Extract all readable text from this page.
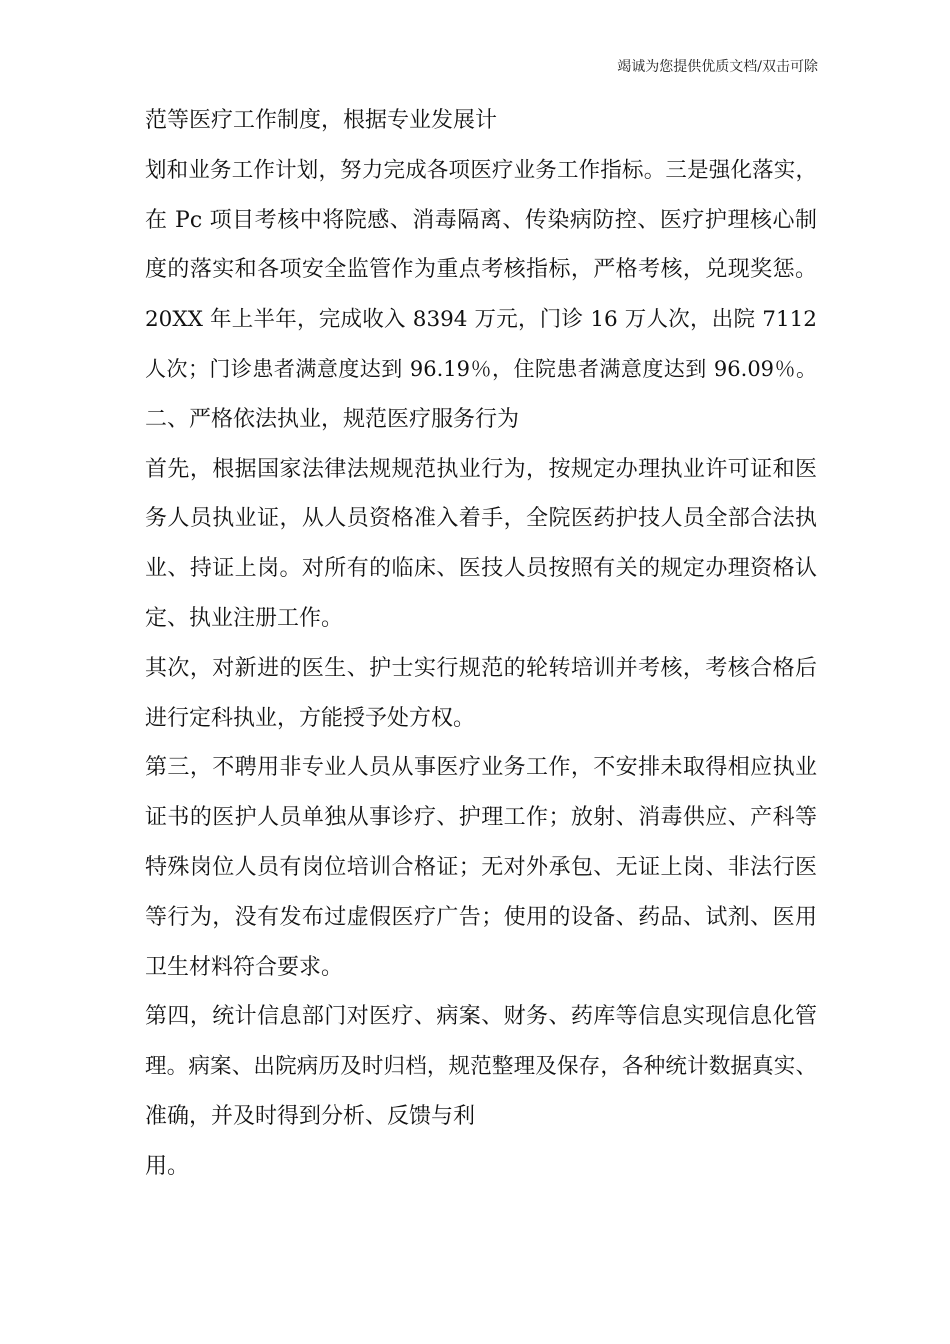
竭诚为您提供优质文档/双击可除
范等医疗工作制度，根据专业发展计
划和业务工作计划，努力完成各项医疗业务工作指标。三是强化落实，
在 Pc 项目考核中将院感、消毒隔离、传染病防控、医疗护理核心制
度的落实和各项安全监管作为重点考核指标，严格考核，兑现奖惩。
20XX 年上半年，完成收入 8394 万元，门诊 16 万人次，出院 7112
人次；门诊患者满意度达到 96.19％，住院患者满意度达到 96.09％。
二、严格依法执业，规范医疗服务行为
首先，根据国家法律法规规范执业行为，按规定办理执业许可证和医
务人员执业证，从人员资格准入着手，全院医药护技人员全部合法执
业、持证上岗。对所有的临床、医技人员按照有关的规定办理资格认
定、执业注册工作。
其次，对新进的医生、护士实行规范的轮转培训并考核，考核合格后
进行定科执业，方能授予处方权。
第三，不聘用非专业人员从事医疗业务工作，不安排未取得相应执业
证书的医护人员单独从事诊疗、护理工作；放射、消毒供应、产科等
特殊岗位人员有岗位培训合格证；无对外承包、无证上岗、非法行医
等行为，没有发布过虚假医疗广告；使用的设备、药品、试剂、医用
卫生材料符合要求。
第四，统计信息部门对医疗、病案、财务、药库等信息实现信息化管
理。病案、出院病历及时归档，规范整理及保存，各种统计数据真实、
准确，并及时得到分析、反馈与利
用。
